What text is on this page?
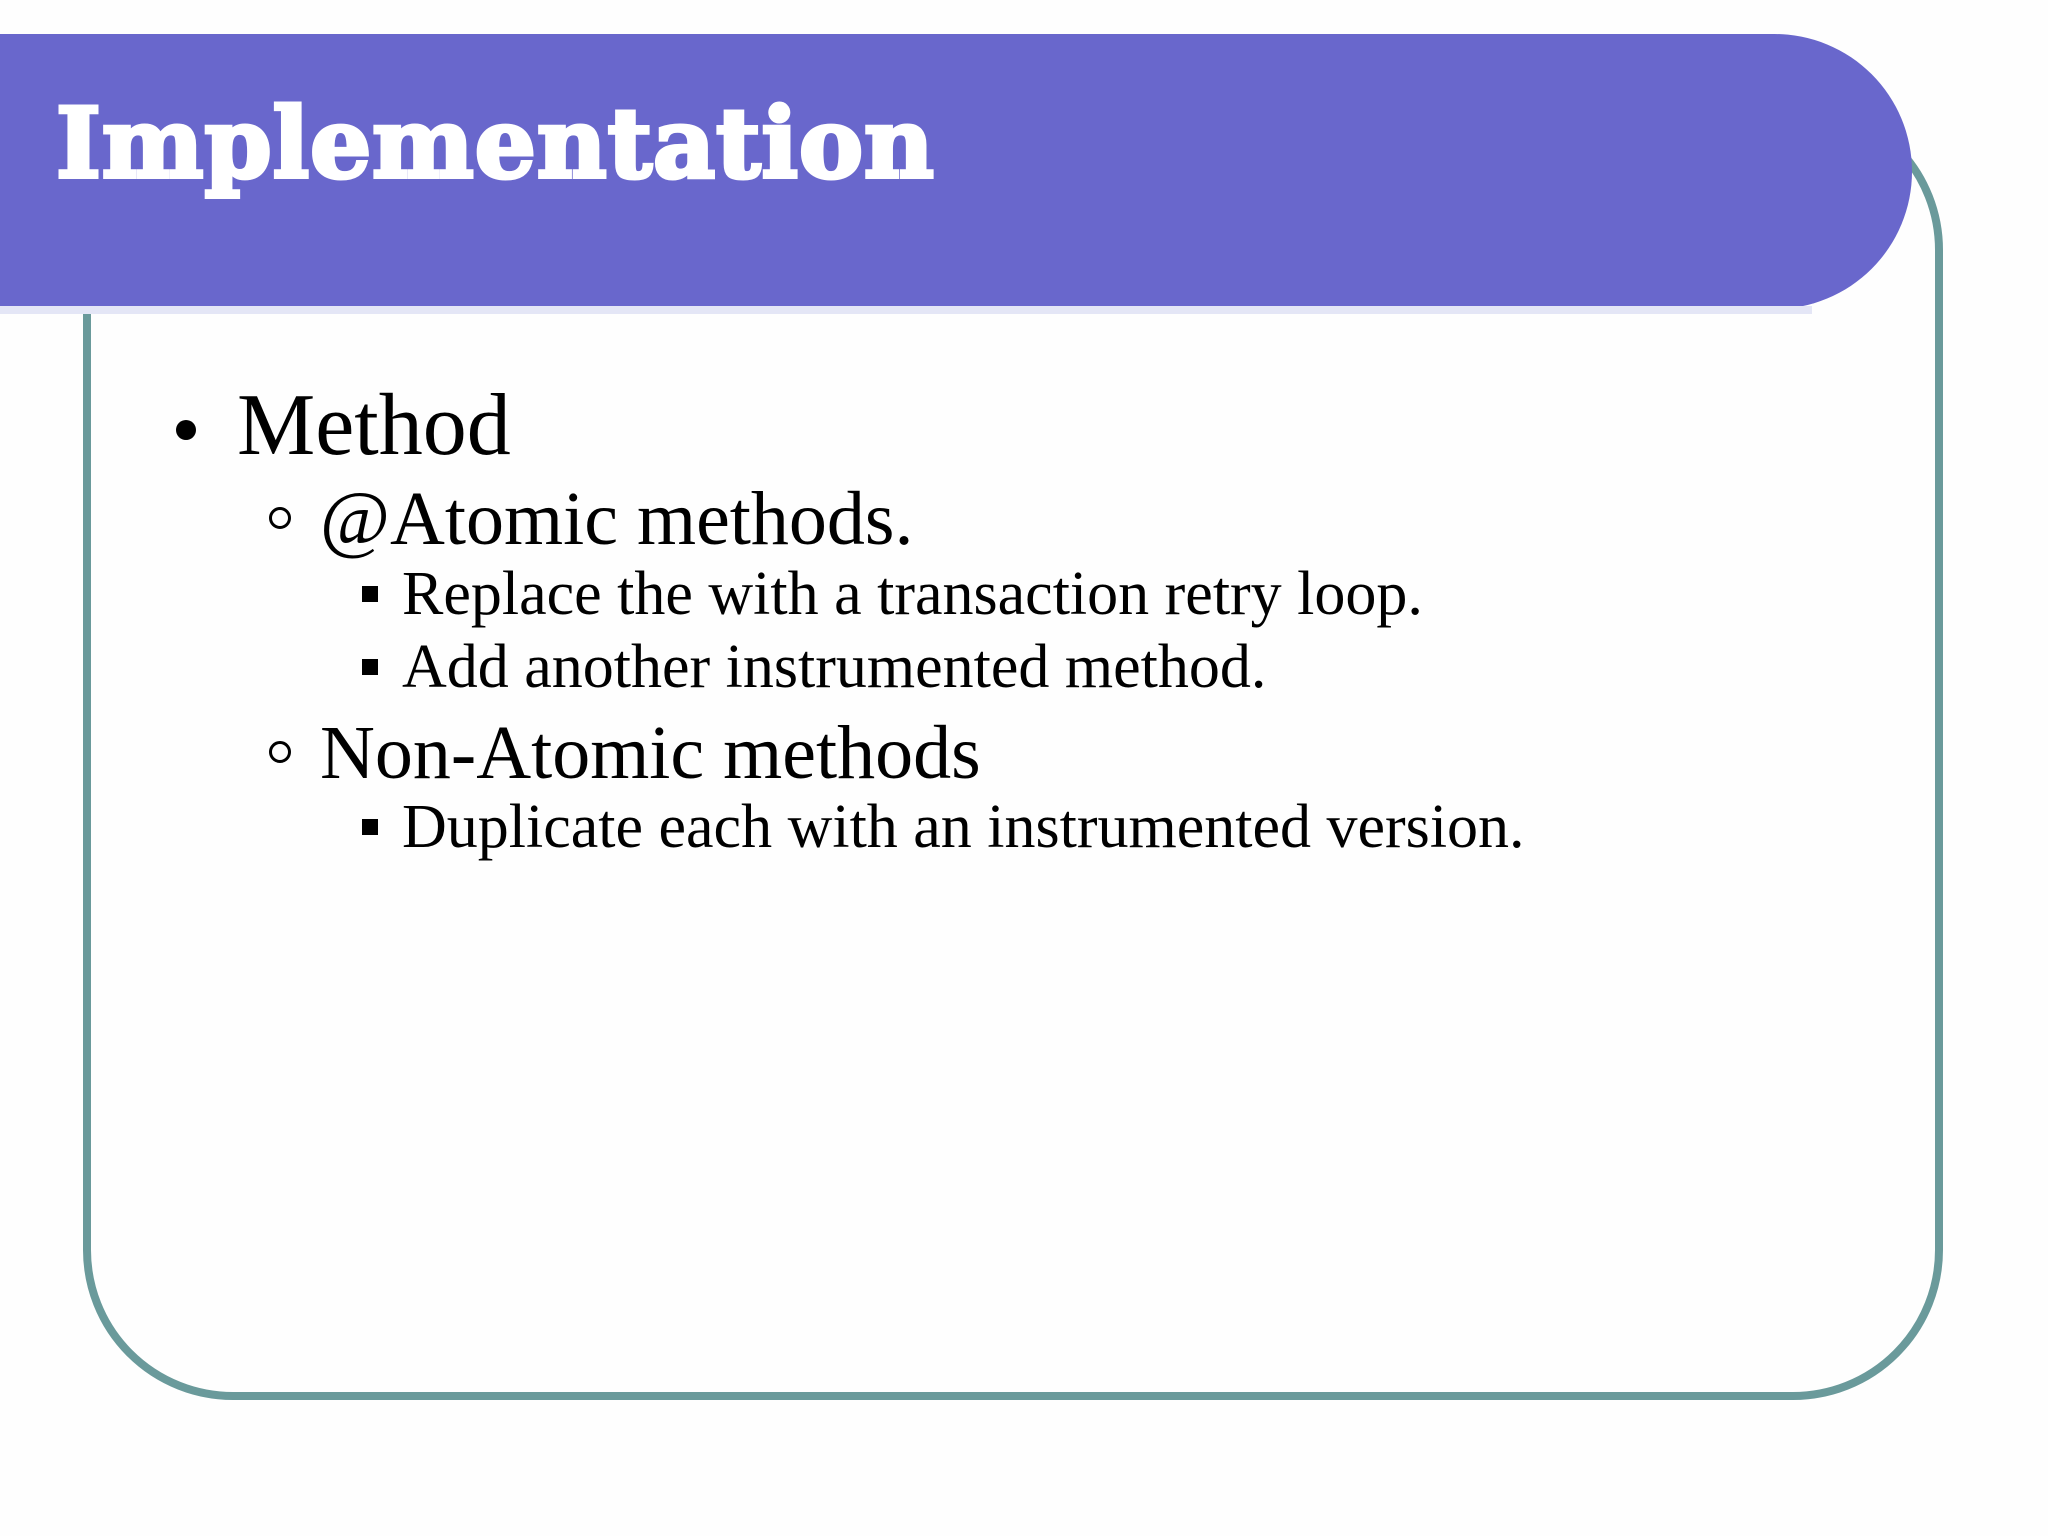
Implementation
Method
@Atomic methods.
Replace the with a transaction retry loop.
Add another instrumented method.
Non-Atomic methods
Duplicate each with an instrumented version.
